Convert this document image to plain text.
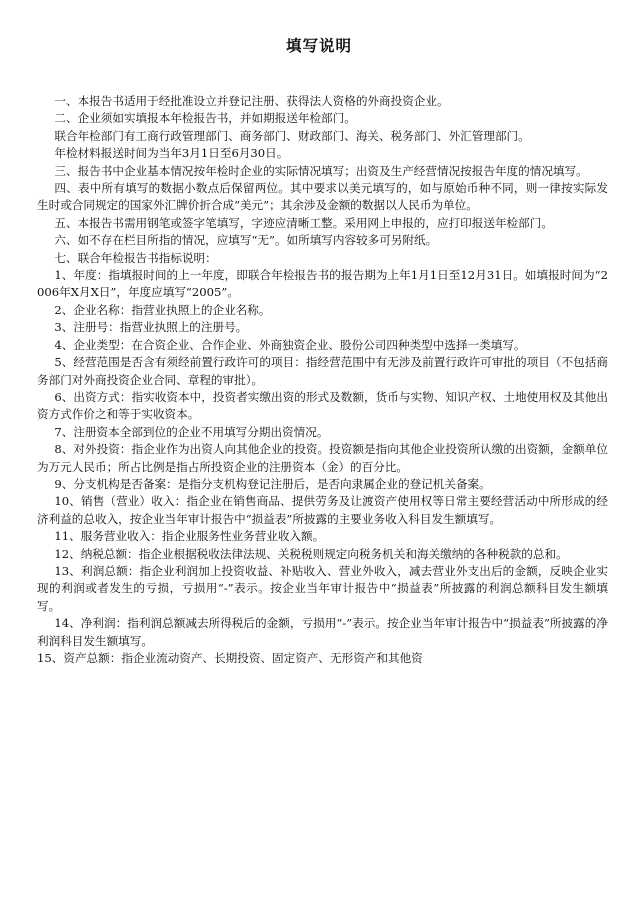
填写说明

一、本报告书适用于经批准设立并登记注册、获得法人资格的外商投资企业。

二、企业须如实填报本年检报告书，并如期报送年检部门。

联合年检部门有工商行政管理部门、商务部门、财政部门、海关、税务部门、外汇管理部门。

年检材料报送时间为当年3月1日至6月30日。

三、报告书中企业基本情况按年检时企业的实际情况填写；出资及生产经营情况按报告年度的情况填写。

四、表中所有填写的数据小数点后保留两位。其中要求以美元填写的，如与原始币种不同，则一律按实际发生时或合同规定的国家外汇牌价折合成“美元”；其余涉及金额的数据以人民币为单位。

五、本报告书需用钢笔或签字笔填写，字迹应清晰工整。采用网上申报的，应打印报送年检部门。

六、如不存在栏目所指的情况，应填写“无”。如所填写内容较多可另附纸。

七、联合年检报告书指标说明：

1、年度：指填报时间的上一年度，即联合年检报告书的报告期为上年1月1日至12月31日。如填报时间为“2006年X月X日”，年度应填写“2005”。

2、企业名称：指营业执照上的企业名称。

3、注册号：指营业执照上的注册号。

4、企业类型：在合资企业、合作企业、外商独资企业、股份公司四种类型中选择一类填写。

5、经营范围是否含有须经前置行政许可的项目：指经营范围中有无涉及前置行政许可审批的项目（不包括商务部门对外商投资企业合同、章程的审批）。

6、出资方式：指实收资本中，投资者实缴出资的形式及数额，货币与实物、知识产权、土地使用权及其他出资方式作价之和等于实收资本。

7、注册资本全部到位的企业不用填写分期出资情况。

8、对外投资：指企业作为出资人向其他企业的投资。投资额是指向其他企业投资所认缴的出资额，金额单位为万元人民币；所占比例是指占所投资企业的注册资本（金）的百分比。

9、分支机构是否备案：是指分支机构登记注册后，是否向隶属企业的登记机关备案。

10、销售（营业）收入：指企业在销售商品、提供劳务及让渡资产使用权等日常主要经营活动中所形成的经济利益的总收入，按企业当年审计报告中“损益表”所披露的主要业务收入科目发生额填写。

11、服务营业收入：指企业服务性业务营业收入额。

12、纳税总额：指企业根据税收法律法规、关税税则规定向税务机关和海关缴纳的各种税款的总和。

13、利润总额：指企业利润加上投资收益、补贴收入、营业外收入，减去营业外支出后的金额，反映企业实现的利润或者发生的亏损，亏损用“-”表示。按企业当年审计报告中“损益表”所披露的利润总额科目发生额填写。

14、净利润：指利润总额减去所得税后的金额，亏损用“-”表示。按企业当年审计报告中“损益表”所披露的净利润科目发生额填写。

15、资产总额：指企业流动资产、长期投资、固定资产、无形资产和其他资
